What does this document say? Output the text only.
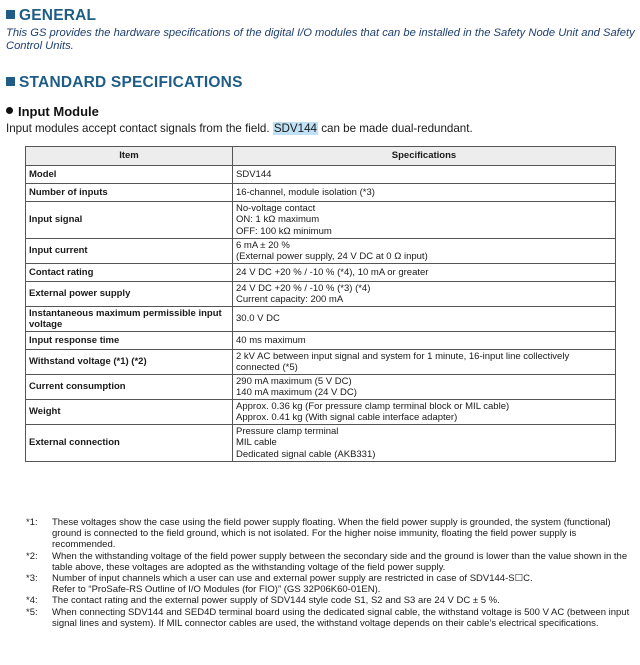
GENERAL
This GS provides the hardware specifications of the digital I/O modules that can be installed in the Safety Node Unit and Safety Control Units.
STANDARD SPECIFICATIONS
Input Module
Input modules accept contact signals from the field. SDV144 can be made dual-redundant.
Item	Specifications
Model	SDV144

Number of inputs	16-channel, module isolation (*3)

Input signal	No-voltage contact
ON: 1 kΩ maximum
OFF: 100 kΩ minimum

Input current	6 mA ± 20 %
(External power supply, 24 V DC at 0 Ω input)

Contact rating	24 V DC +20 % / -10 % (*4), 10 mA or greater

External power supply	24 V DC +20 % / -10 % (*3) (*4)
Current capacity: 200 mA

Instantaneous maximum permissible input voltage	30.0 V DC

Input response time	40 ms maximum

Withstand voltage (*1) (*2)	2 kV AC between input signal and system for 1 minute, 16-input line collectively connected (*5)

Current consumption	290 mA maximum (5 V DC)
140 mA maximum (24 V DC)

Weight	Approx. 0.36 kg (For pressure clamp terminal block or MIL cable)
Approx. 0.41 kg (With signal cable interface adapter)

External connection	Pressure clamp terminal
MIL cable
Dedicated signal cable (AKB331)
*1:	These voltages show the case using the field power supply floating. When the field power supply is grounded, the system (functional) ground is connected to the field ground, which is not isolated. For the higher noise immunity, floating the field power supply is recommended.
*2:	When the withstanding voltage of the field power supply between the secondary side and the ground is lower than the value shown in the table above, these voltages are adopted as the withstanding voltage of the field power supply.
*3:	Number of input channels which a user can use and external power supply are restricted in case of SDV144-S☐C.
Refer to “ProSafe-RS Outline of I/O Modules (for FIO)” (GS 32P06K60-01EN).
*4:	The contact rating and the external power supply of SDV144 style code S1, S2 and S3 are 24 V DC ± 5 %.
*5:	When connecting SDV144 and SED4D terminal board using the dedicated signal cable, the withstand voltage is 500 V AC (between input signal lines and system). If MIL connector cables are used, the withstand voltage depends on their cable’s electrical specifications.
